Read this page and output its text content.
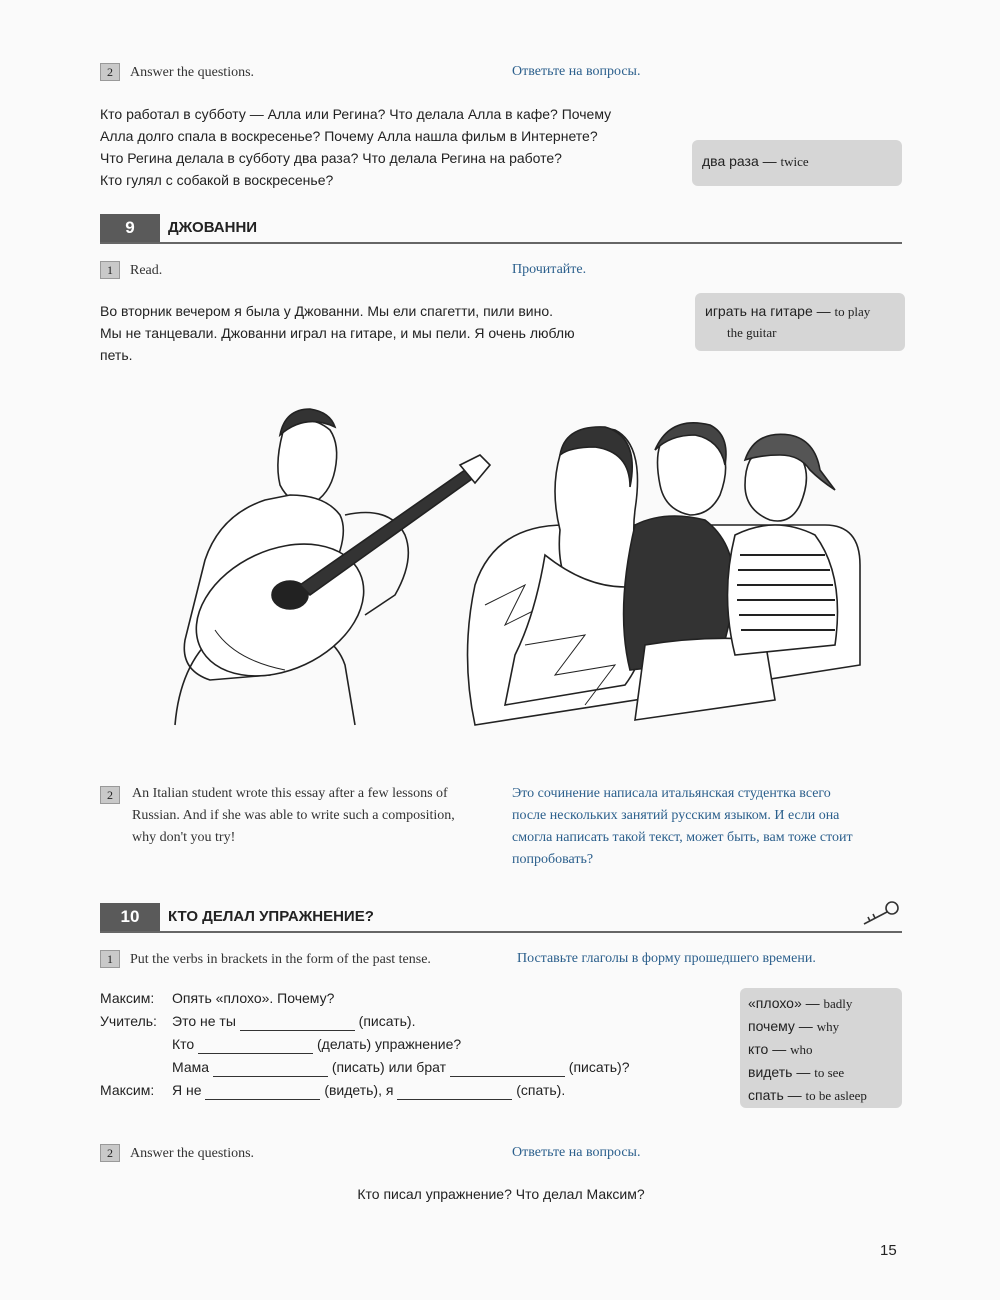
2 Answer the questions.	Ответьте на вопросы.
Кто работал в субботу — Алла или Регина? Что делала Алла в кафе? Почему
Алла долго спала в воскресенье? Почему Алла нашла фильм в Интернете?
Что Регина делала в субботу два раза? Что делала Регина на работе?
Кто гулял с собакой в воскресенье?
два раза — twice
9	ДЖОВАННИ
1 Read.	Прочитайте.
Во вторник вечером я была у Джованни. Мы ели спагетти, пили вино.
Мы не танцевали. Джованни играл на гитаре, и мы пели. Я очень люблю
петь.
играть на гитаре — to play
the guitar
2	An Italian student wrote this essay after a few lessons of
Russian. And if she was able to write such a composition,
why don't you try!
Это сочинение написала итальянская студентка всего
после нескольких занятий русским языком. И если она
смогла написать такой текст, может быть, вам тоже стоит
попробовать?
10	КТО ДЕЛАЛ УПРАЖНЕНИЕ?
1 Put the verbs in brackets in the form of the past tense.	Поставьте глаголы в форму прошедшего времени.
Максим: Опять «плохо». Почему?
Учитель: Это не ты	(писать).
Кто	(делать) упражнение?
Мама	(писать) или брат	(писать)?
Максим: Я не	(видеть), я	(спать).
«плохо» — badly
почему — why
кто — who
видеть — to see
спать — to be asleep
2 Answer the questions.	Ответьте на вопросы.
Кто писал упражнение? Что делал Максим?
15
